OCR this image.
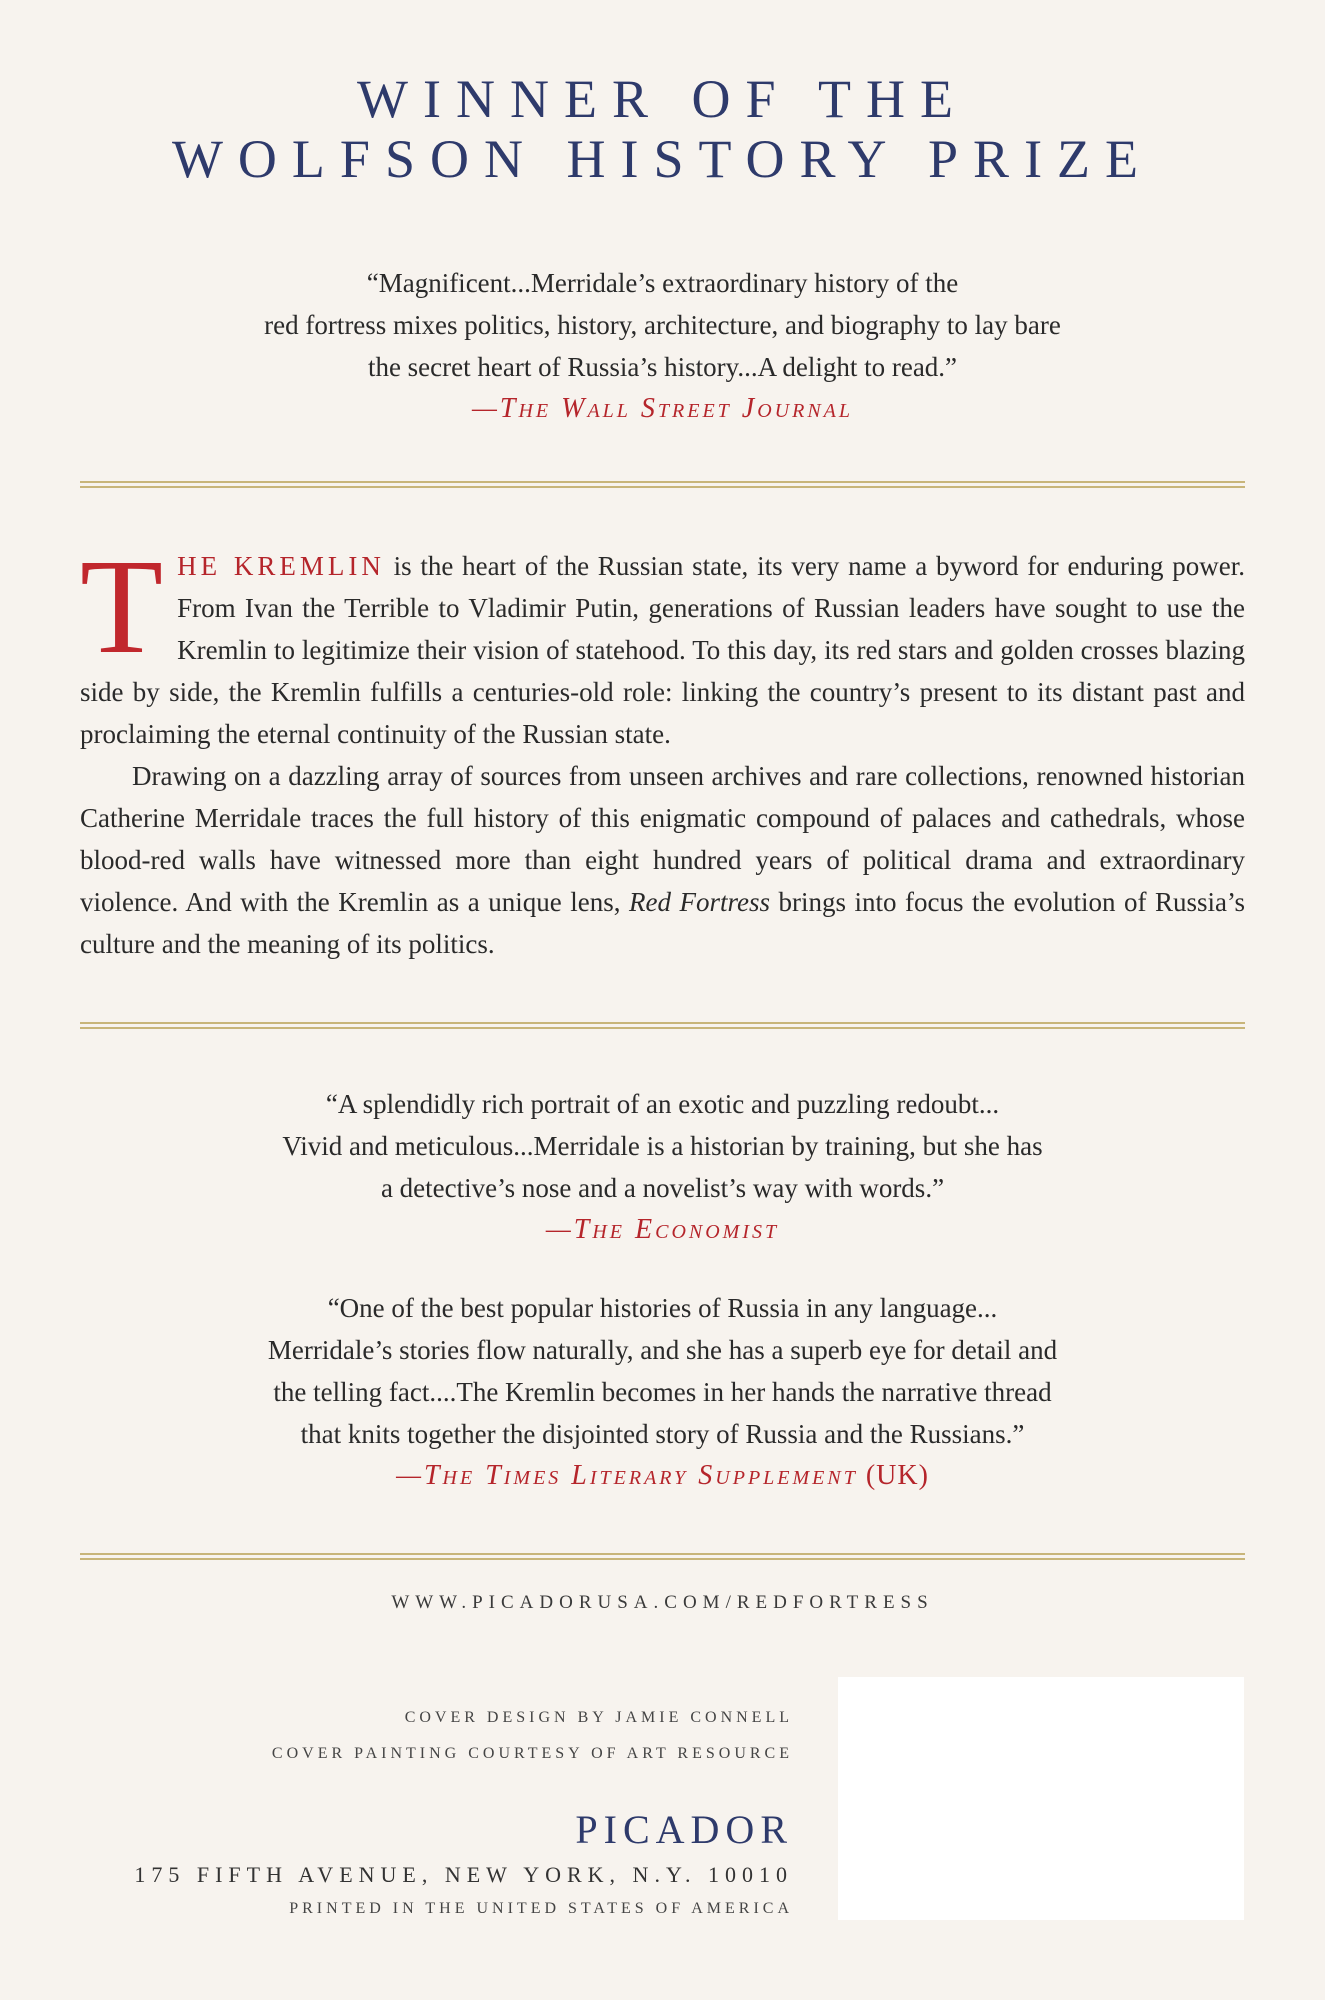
WINNER OF THE
WOLFSON HISTORY PRIZE
“Magnificent...Merridale’s extraordinary history of the
red fortress mixes politics, history, architecture, and biography to lay bare
the secret heart of Russia’s history...A delight to read.”
—The Wall Street Journal

THE KREMLIN is the heart of the Russian state, its very name a byword for enduring power. From Ivan the Terrible to Vladimir Putin, generations of Russian leaders have sought to use the Kremlin to legitimize their vision of statehood. To this day, its red stars and golden crosses blazing side by side, the Kremlin fulfills a centuries-old role: linking the country’s present to its distant past and proclaiming the eternal continuity of the Russian state.

Drawing on a dazzling array of sources from unseen archives and rare collections, renowned historian Catherine Merridale traces the full history of this enigmatic compound of palaces and cathedrals, whose blood-red walls have witnessed more than eight hundred years of political drama and extraordinary violence. And with the Kremlin as a unique lens, Red Fortress brings into focus the evolution of Russia’s culture and the meaning of its politics.

“A splendidly rich portrait of an exotic and puzzling redoubt...
Vivid and meticulous...Merridale is a historian by training, but she has
a detective’s nose and a novelist’s way with words.”
—The Economist
“One of the best popular histories of Russia in any language...
Merridale’s stories flow naturally, and she has a superb eye for detail and
the telling fact....The Kremlin becomes in her hands the narrative thread
that knits together the disjointed story of Russia and the Russians.”
—The Times Literary Supplement (UK)
WWW.PICADORUSA.COM/REDFORTRESS
COVER DESIGN BY JAMIE CONNELL
COVER PAINTING COURTESY OF ART RESOURCE
PICADOR
175 FIFTH AVENUE, NEW YORK, N.Y. 10010
PRINTED IN THE UNITED STATES OF AMERICA
